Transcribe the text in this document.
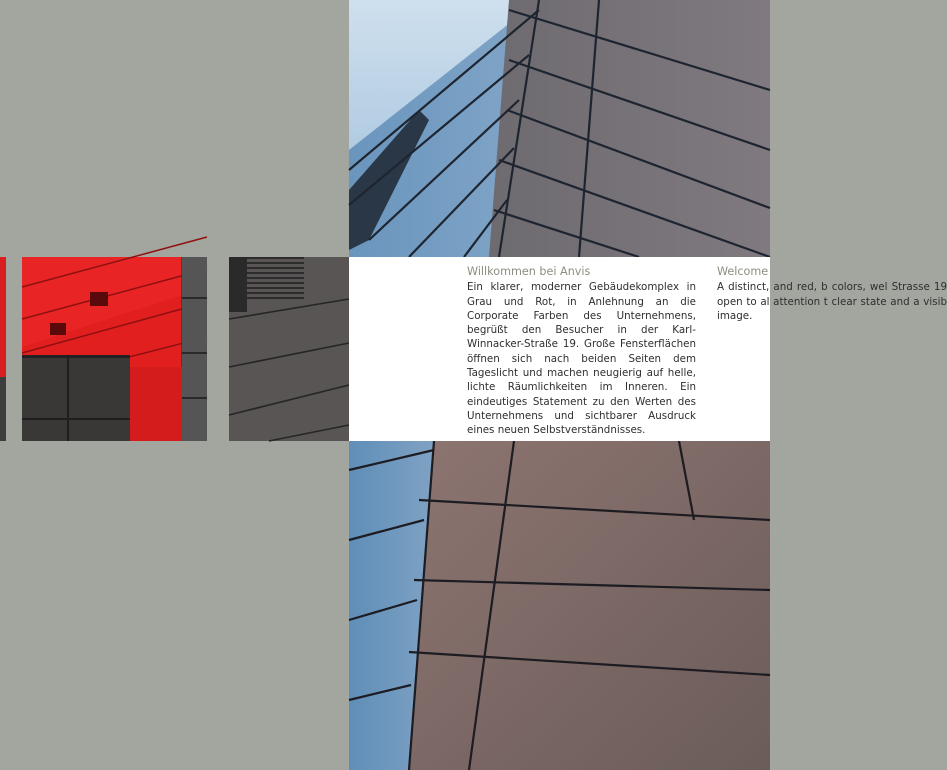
Willkommen bei Anvis

Ein klarer, moderner Gebäudekomplex in Grau und Rot, in Anlehnung an die Corporate Farben des Unternehmens, begrüßt den Besucher in der Karl-Winnacker-Straße 19. Große Fensterflächen öffnen sich nach beiden Seiten dem Tageslicht und machen neugierig auf helle, lichte Räumlichkeiten im Inneren. Ein eindeutiges Statement zu den Werten des Unternehmens und sichtbarer Ausdruck eines neuen Selbstverständnisses.

Welcome

A distinct, and red, b colors, wel Strasse 19 open to al attention t clear state and a visib image.
